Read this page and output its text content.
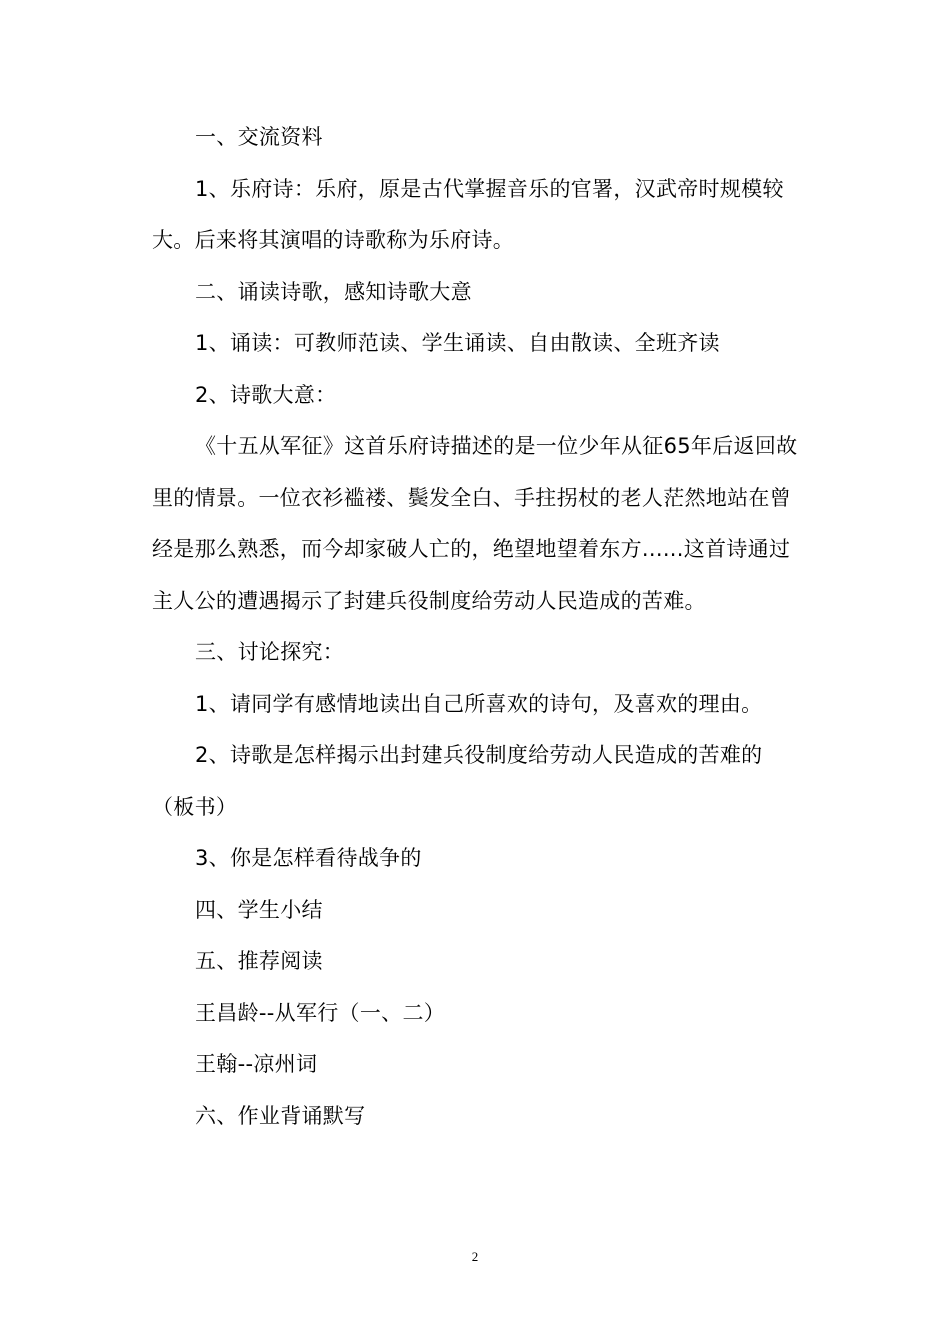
一、交流资料

1、乐府诗：乐府，原是古代掌握音乐的官署，汉武帝时规模较大。后来将其演唱的诗歌称为乐府诗。

二、诵读诗歌，感知诗歌大意

1、诵读：可教师范读、学生诵读、自由散读、全班齐读

2、诗歌大意：

《十五从军征》这首乐府诗描述的是一位少年从征65年后返回故里的情景。一位衣衫褴褛、鬓发全白、手拄拐杖的老人茫然地站在曾经是那么熟悉，而今却家破人亡的，绝望地望着东方......这首诗通过主人公的遭遇揭示了封建兵役制度给劳动人民造成的苦难。

三、讨论探究：

1、请同学有感情地读出自己所喜欢的诗句，及喜欢的理由。

2、诗歌是怎样揭示出封建兵役制度给劳动人民造成的苦难的（板书）

3、你是怎样看待战争的

四、学生小结

五、推荐阅读

王昌龄--从军行（一、二）

王翰--凉州词

六、作业背诵默写

2
